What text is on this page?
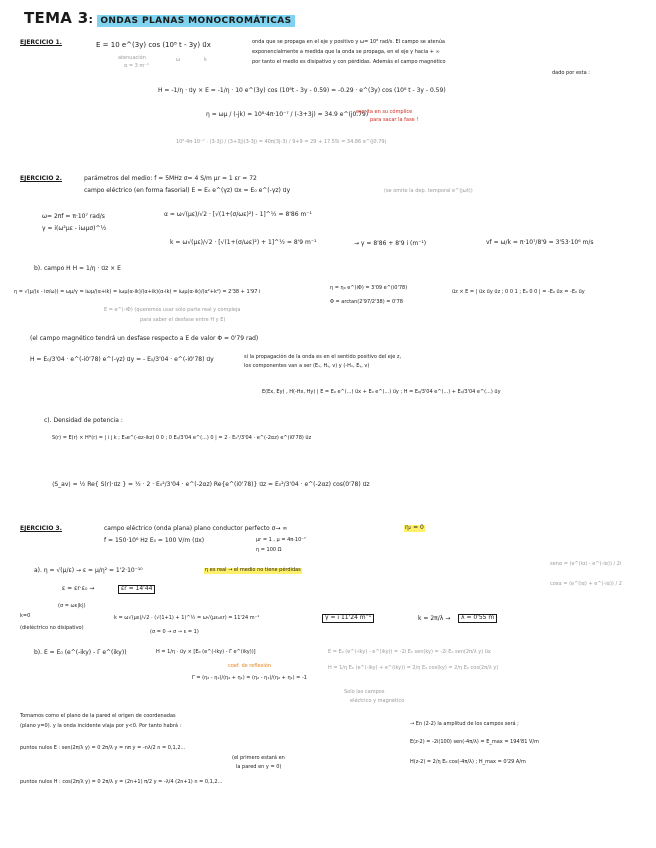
TEMA 3: ONDAS PLANAS MONOCROMÁTICAS
EJERCICIO 1.	E = 10 e^(3y) cos (10⁸ t - 3y) u⃗x
atenuación
α = 3 m⁻¹
ω	k
onda que se propaga en el eje y positivo y ω= 10⁸ rad/s. El campo se atenúa
exponencialmente a medida que la onda se propaga, en el eje y hacia + ∞
por tanto el medio es disipativo y con pérdidas. Además el campo magnético
dado por esta :
H = -1/η · u⃗y × E = -1/η · 10 e^(3y) cos (10⁸t - 3y - 0.59) = -0.29 · e^(3y) cos (10⁸ t - 3y - 0.59)
η = ωμ / (-jk) = 10⁸·4π·10⁻⁷ / (-3+3j) = 34.9 e^(j0.79)
escrita en su cómplice
para sacar la fase !
10⁸·4π·10⁻⁷ · (3-3j) / (3+3j)(3-3j) = 40π(3j-3) / 9+9 = 29 + 17.55i = 34.86 e^(j0.79)
EJERCICIO 2.	parámetros del medio: f = 5MHz σ= 4 S/m μr = 1 εr = 72
campo eléctrico (en forma fasorial) E = E₀ e^(γz) u⃗x = E₀ e^(-γz) u⃗y	(se omite la dep. temporal e^(jωt))
ω= 2πf = π·10⁷ rad/s
γ = i(ω²με - iωμσ)^½
α = ω√(με)/√2 · [√(1+(σ/ωε)²) - 1]^½ = 8'86 m⁻¹
k = ω√(με)/√2 · [√(1+(σ/ωε)²) + 1]^½ = 8'9 m⁻¹	→ γ = 8'86 + 8'9 i (m⁻¹)	vf = ω/k = π·10⁷/8'9 = 3'53·10⁶ m/s
b). campo H H = 1/η · u⃗z × E
η = √(μ/(ε - iσ/ω)) = ωμ/γ = iωμ/(α+ik) = iωμ(α-ik)/(α+ik)(α-ik) = iωμ(α-ik)/(α²+k²) = 2'38 + 1'97 i
η = η₀ e^(iΦ) = 3'09 e^(i0'78)
Φ = arctan(2'97/2'38) = 0'78
u⃗z × E = | u⃗x u⃗y u⃗z ; 0 0 1 ; E₀ 0 0 | = -E₀ u⃗x = -E₀ u⃗y
E = e^(-iΦ) (queremos usar sólo parte real y compleja
para saber el desfase entre H y E)
(el campo magnético tendrá un desfase respecto a E de valor Φ = 0'79 rad)
H = E₀/3'04 · e^(-i0'78) e^(-γz) u⃗y = - E₀/3'04 · e^(-i0'78) u⃗y	si la propagación de la onda es en el sentido positivo del eje z,
los componentes van a ser (Eₓ, Hᵧ, v) y (-Hₓ, Eᵧ, v)
E(Ex, Ey) , H(-Hx, Hy) | E = E₀ e^(...) u⃗x + E₀ e^(...) u⃗y ; H = E₀/3'04 e^(...) + E₀/3'04 e^(...) u⃗y
c). Densidad de potencia :
S(r) = E(r) × H*(r) = | i j k ; E₀e^(-αz-ikz) 0 0 ; 0 E₀/3'04 e^(...) 0 | = 2 · E₀²/3'04 · e^(-2αz) e^(i0'78) u⃗z
⟨S_av⟩ = ½ Re{ S(r)·u⃗z } = ½ · 2 · E₀²/3'04 · e^(-2αz) Re{e^(i0'78)} u⃗z = E₀²/3'04 · e^(-2αz) cos(0'78) u⃗z
EJERCICIO 3.	campo eléctrico (onda plana) plano conductor perfecto σ→ ∞	η₂ = 0
f = 150·10⁶ Hz E₀ = 100 V/m (u⃗x)	μr = 1 , μ = 4π·10⁻⁷
η = 100 Ω
a). η = √(μ/ε) → ε = μ/η² = 1'2·10⁻¹⁰
ε = εr·ε₀ →	εr = 14'44
η es real → el medio no tiene pérdidas
senα = (e^(iα) - e^(-iα)) / 2i
cosα = (e^(iα) + e^(-iα)) / 2
(σ = ωε|k|)
k=0
(dieléctrico no disipativo)
k = ω√(με)/√2 · (√(1+1) + 1)^½ = ω√(με₀εr) = 11'24 m⁻¹	γ = i 11'24 m⁻¹	k = 2π/λ →	λ = 0'55 m
(σ = 0 → σ → ε = 1)
b). E = E₀ (e^(-iky) - Γ e^(iky))	H = 1/η · u⃗y × [E₀ (e^(-iky) - Γ e^(iky))]
coef. de reflexión
Γ = (η₂ - η₁)/(η₂ + η₁) = (η₂ - η₁)/(η₂ + η₁) = -1
E = E₀ (e^(-iky) - e^(iky)) = -2i E₀ sen(ky) = -2i E₀ sen(2π/λ y) u⃗x
H = 1/η E₀ (e^(-iky) + e^(iky)) = 2/η E₀ cos(ky) = 2/η E₀ cos(2π/λ y)
Solo las campos
eléctrico y magnético
Tomamos como el plano de la pared el origen de coordenadas
(plano y=0). y la onda incidente viaja por y<0. Por tanto habrá :
puntos nulos E : sen(2π/λ y) = 0 2π/λ y = nπ y = -nλ/2 n = 0,1,2...
(el primero estará en
la pared en y = 0)
puntos nulos H : cos(2π/λ y) = 0 2π/λ y = (2n+1) π/2 y = -λ/4 (2n+1) n = 0,1,2...
→ En (2-2) la amplitud de los campos será ;
E(z-2) = -2i(100) sen(-4π/λ) = E_max = 194'81 V/m
H(z-2) = 2/η E₀ cos(-4π/λ) ; H_max = 0'29 A/m
